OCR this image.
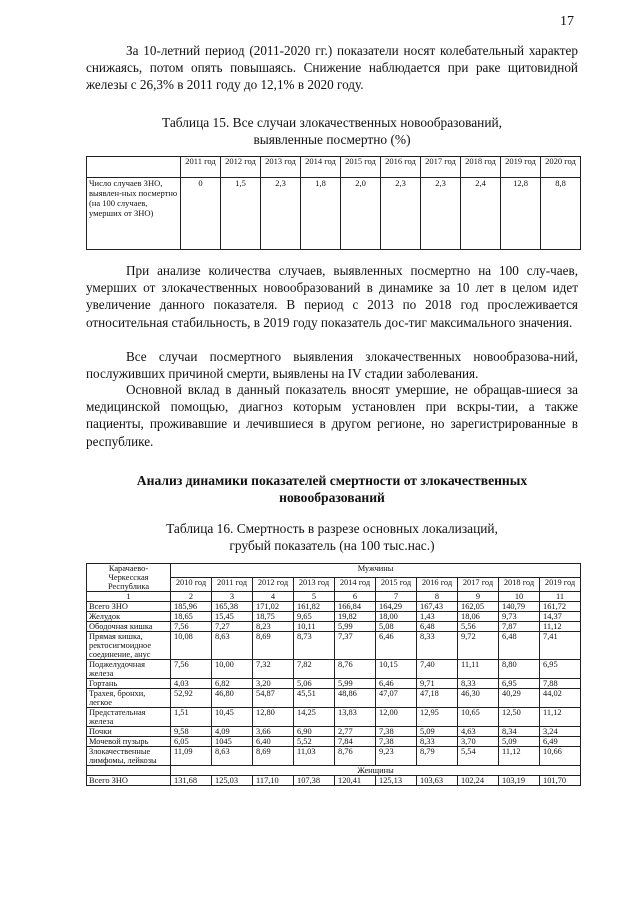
17
За 10-летний период (2011-2020 гг.) показатели носят колебательный характер снижаясь, потом опять повышаясь. Снижение наблюдается при раке щитовидной железы с 26,3% в 2011 году до 12,1% в 2020 году.
Таблица 15. Все случаи злокачественных новообразований,
выявленные посмертно (%)
	2011 год	2012 год	2013 год	2014 год	2015 год	2016 год	2017 год	2018 год	2019 год	2020 год
Число случаев ЗНО, выявлен-ных посмертно (на 100 случаев, умерших от ЗНО)	0	1,5	2,3	1,8	2,0	2,3	2,3	2,4	12,8	8,8
При анализе количества случаев, выявленных посмертно на 100 слу-чаев, умерших от злокачественных новообразований в динамике за 10 лет в целом идет увеличение данного показателя. В период с 2013 по 2018 год прослеживается относительная стабильность, в 2019 году показатель дос-тиг максимального значения.
Все случаи посмертного выявления злокачественных новообразова-ний, послуживших причиной смерти, выявлены на IV стадии заболевания.
Основной вклад в данный показатель вносят умершие, не обращав-шиеся за медицинской помощью, диагноз которым установлен при вскры-тии, а также пациенты, проживавшие и лечившиеся в другом регионе, но зарегистрированные в республике.
Анализ динамики показателей смертности от злокачественных
новообразований
Таблица 16. Смертность в разрезе основных локализаций,
грубый показатель (на 100 тыс.нас.)
Карачаево-Черкесская Республика	Мужчины									
	2010 год	2011 год	2012 год	2013 год	2014 год	2015 год	2016 год	2017 год	2018 год	2019 год
1	2	3	4	5	6	7	8	9	10	11
Всего ЗНО	185,96	165,38	171,02	161,82	166,84	164,29	167,43	162,05	140,79	161,72
Желудок	18,65	15,45	18,75	9,65	19,82	18,00	1,43	18,06	9,73	14,37
Ободочная кишка	7,56	7,27	8,23	10,11	5,99	5,08	6,48	5,56	7,87	11,12
Прямая кишка, ректосигмоидное соединение, анус	10,08	8,63	8,69	8,73	7,37	6,46	8,33	9,72	6,48	7,41
Поджелудочная железа	7,56	10,00	7,32	7,82	8,76	10,15	7,40	11,11	8,80	6,95
Гортань	4,03	6,82	3,20	5,06	5,99	6,46	9,71	8,33	6,95	7,88
Трахея, бронхи, легкое	52,92	46,80	54,87	45,51	48,86	47,07	47,18	46,30	40,29	44,02
Предстательная железа	1,51	10,45	12,80	14,25	13,83	12,00	12,95	10,65	12,50	11,12
Почки	9,58	4,09	3,66	6,90	2,77	7,38	5,09	4,63	8,34	3,24
Мочевой пузырь	6,05	1045	6,40	5,52	7,84	7,38	8,33	3,70	5,09	6,49
Злокачественные лимфомы, лейкозы	11,09	8,63	8,69	11,03	8,76	9,23	8,79	5,54	11,12	10,66
	Женщины									
Всего ЗНО	131,68	125,03	117,10	107,38	120,41	125,13	103,63	102,24	103,19	101,70
